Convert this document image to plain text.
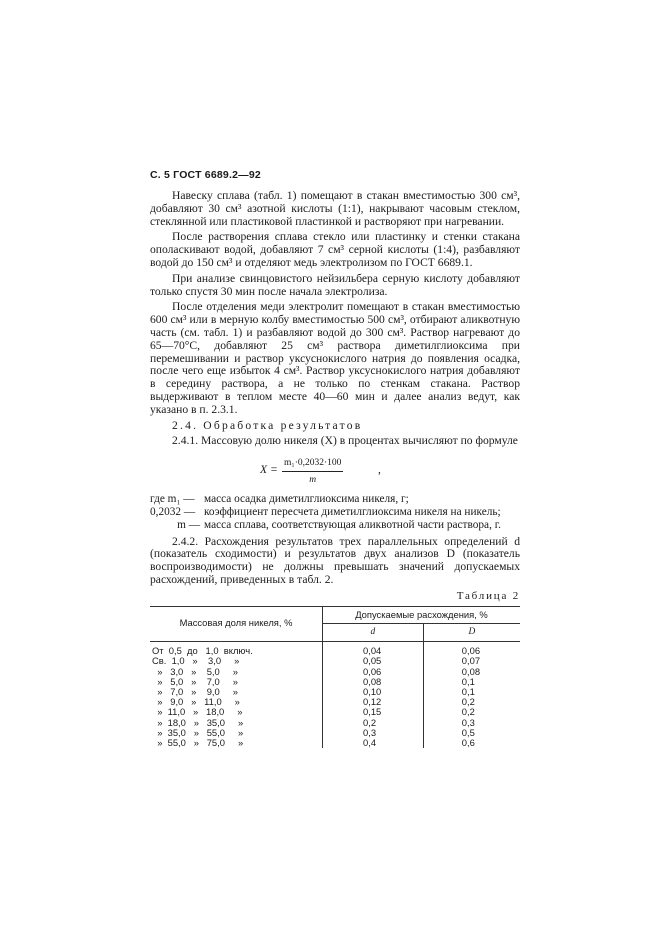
С. 5 ГОСТ 6689.2—92

Навеску сплава (табл. 1) помещают в стакан вместимостью 300 см³, добавляют 30 см³ азотной кислоты (1:1), накрывают часовым стеклом, стеклянной или пластиковой пластинкой и растворяют при нагревании.

После растворения сплава стекло или пластинку и стенки стакана ополаскивают водой, добавляют 7 см³ серной кислоты (1:4), разбавляют водой до 150 см³ и отделяют медь электролизом по ГОСТ 6689.1.

При анализе свинцовистого нейзильбера серную кислоту добавляют только спустя 30 мин после начала электролиза.

После отделения меди электролит помещают в стакан вместимостью 600 см³ или в мерную колбу вместимостью 500 см³, отбирают аликвотную часть (см. табл. 1) и разбавляют водой до 300 см³. Раствор нагревают до 65—70°C, добавляют 25 см³ раствора диметилглиоксима при перемешивании и раствор уксуснокислого натрия до появления осадка, после чего еще избыток 4 см³. Раствор уксуснокислого натрия добавляют в середину раствора, а не только по стенкам стакана. Раствор выдерживают в теплом месте 40—60 мин и далее анализ ведут, как указано в п. 2.3.1.

2.4. Обработка результатов

2.4.1. Массовую долю никеля (X) в процентах вычисляют по формуле

$X = \frac{\text{m₁·0,2032·100}}{m}$	,
где m₁ — масса осадка диметилглиоксима никеля, г;
0,2032 — коэффициент пересчета диметилглиоксима никеля на никель;
m — масса сплава, соответствующая аликвотной части раствора, г.

2.4.2. Расхождения результатов трех параллельных определений d (показатель сходимости) и результатов двух анализов D (показатель воспроизводимости) не должны превышать значений допускаемых расхождений, приведенных в табл. 2.

Таблица 2
Массовая доля никеля, %	Допускаемые расхождения, %	
	d	D
От  0,5  до   1,0  включ.	0,04	0,06
Св.  1,0   »    3,0     »	0,05	0,07
»   3,0   »    5,0     »	0,06	0,08
»   5,0   »    7,0     »	0,08	0,1
»   7,0   »    9,0     »	0,10	0,1
»   9,0   »   11,0     »	0,12	0,2
»  11,0   »   18,0     »	0,15	0,2
»  18,0   »   35,0     »	0,2	0,3
»  35,0   »   55,0     »	0,3	0,5
»  55,0   »   75,0     »	0,4	0,6
